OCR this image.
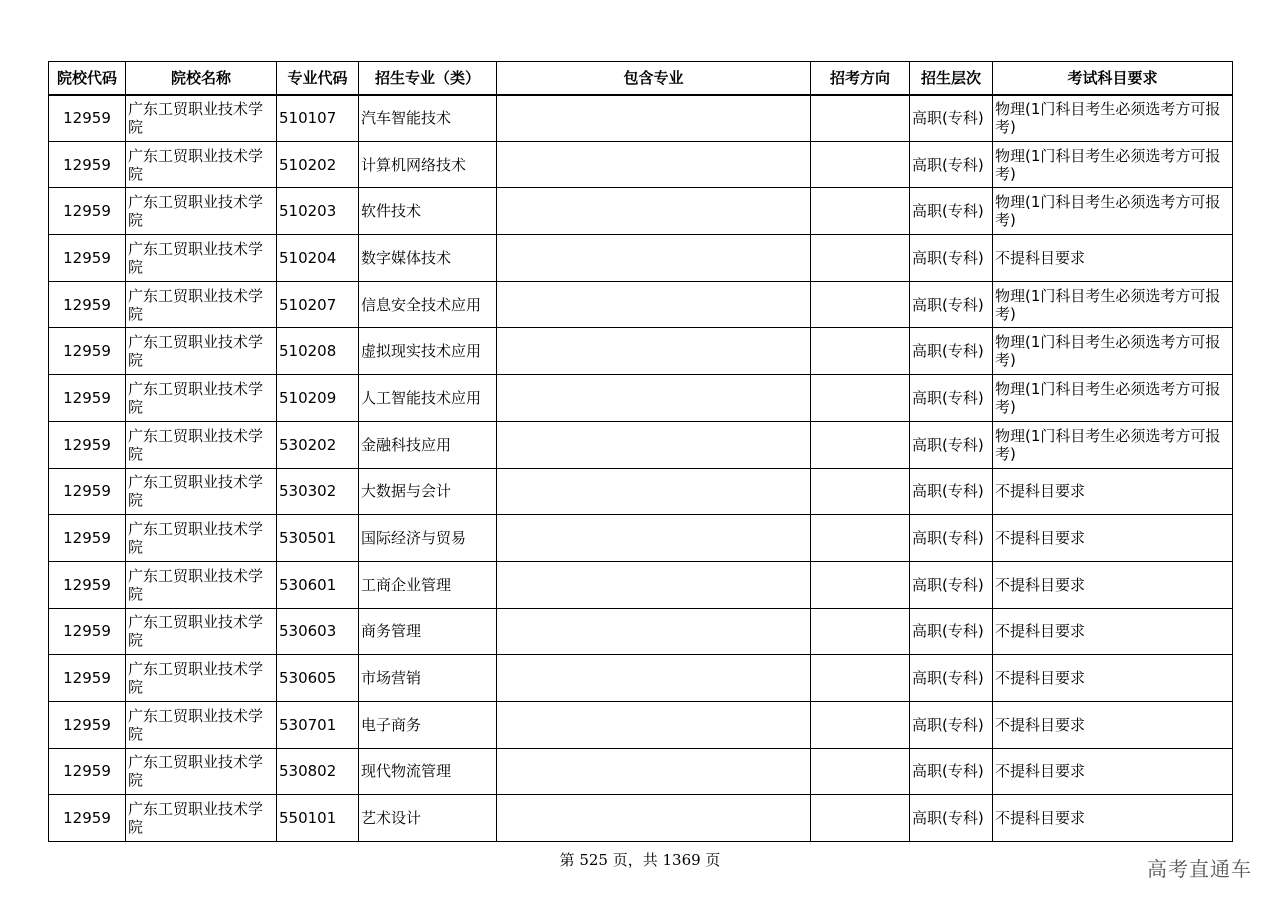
院校代码	院校名称	专业代码	招生专业（类）	包含专业	招考方向	招生层次	考试科目要求
12959	广东工贸职业技术学院	510107	汽车智能技术			高职(专科)	物理(1门科目考生必须选考方可报考)
12959	广东工贸职业技术学院	510202	计算机网络技术			高职(专科)	物理(1门科目考生必须选考方可报考)
12959	广东工贸职业技术学院	510203	软件技术			高职(专科)	物理(1门科目考生必须选考方可报考)
12959	广东工贸职业技术学院	510204	数字媒体技术			高职(专科)	不提科目要求
12959	广东工贸职业技术学院	510207	信息安全技术应用			高职(专科)	物理(1门科目考生必须选考方可报考)
12959	广东工贸职业技术学院	510208	虚拟现实技术应用			高职(专科)	物理(1门科目考生必须选考方可报考)
12959	广东工贸职业技术学院	510209	人工智能技术应用			高职(专科)	物理(1门科目考生必须选考方可报考)
12959	广东工贸职业技术学院	530202	金融科技应用			高职(专科)	物理(1门科目考生必须选考方可报考)
12959	广东工贸职业技术学院	530302	大数据与会计			高职(专科)	不提科目要求
12959	广东工贸职业技术学院	530501	国际经济与贸易			高职(专科)	不提科目要求
12959	广东工贸职业技术学院	530601	工商企业管理			高职(专科)	不提科目要求
12959	广东工贸职业技术学院	530603	商务管理			高职(专科)	不提科目要求
12959	广东工贸职业技术学院	530605	市场营销			高职(专科)	不提科目要求
12959	广东工贸职业技术学院	530701	电子商务			高职(专科)	不提科目要求
12959	广东工贸职业技术学院	530802	现代物流管理			高职(专科)	不提科目要求
12959	广东工贸职业技术学院	550101	艺术设计			高职(专科)	不提科目要求
第 525 页，共 1369 页	高考直通车
